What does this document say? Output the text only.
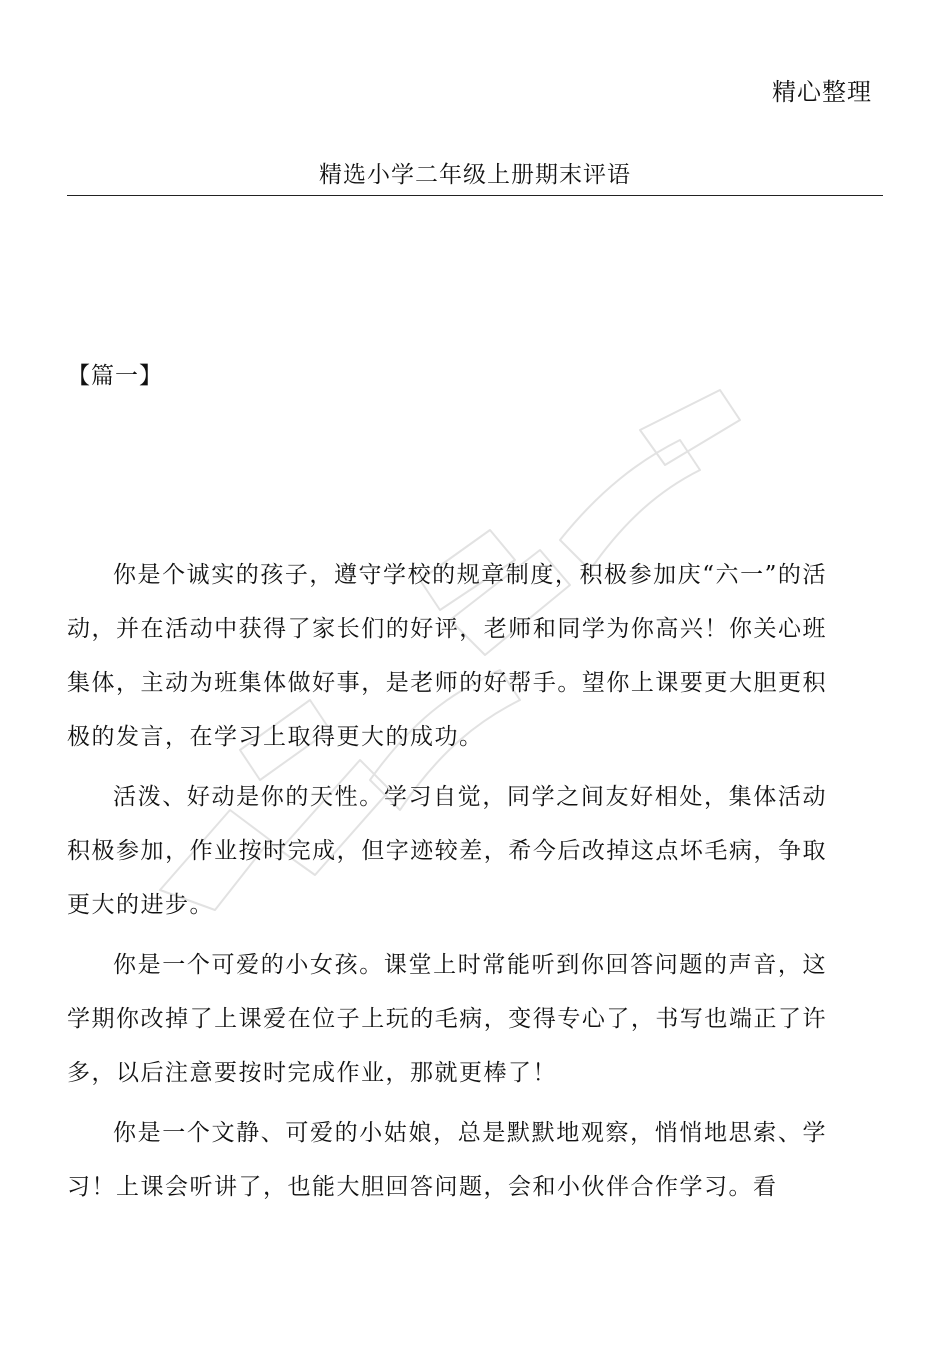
精心整理
精选小学二年级上册期末评语
【篇一】

你是个诚实的孩子，遵守学校的规章制度，积极参加庆“六一”的活动，并在活动中获得了家长们的好评，老师和同学为你高兴！你关心班集体，主动为班集体做好事，是老师的好帮手。望你上课要更大胆更积极的发言，在学习上取得更大的成功。

活泼、好动是你的天性。学习自觉，同学之间友好相处，集体活动积极参加，作业按时完成，但字迹较差，希今后改掉这点坏毛病，争取更大的进步。

你是一个可爱的小女孩。课堂上时常能听到你回答问题的声音，这学期你改掉了上课爱在位子上玩的毛病，变得专心了，书写也端正了许多，以后注意要按时完成作业，那就更棒了！

你是一个文静、可爱的小姑娘，总是默默地观察，悄悄地思索、学习！上课会听讲了，也能大胆回答问题，会和小伙伴合作学习。看
